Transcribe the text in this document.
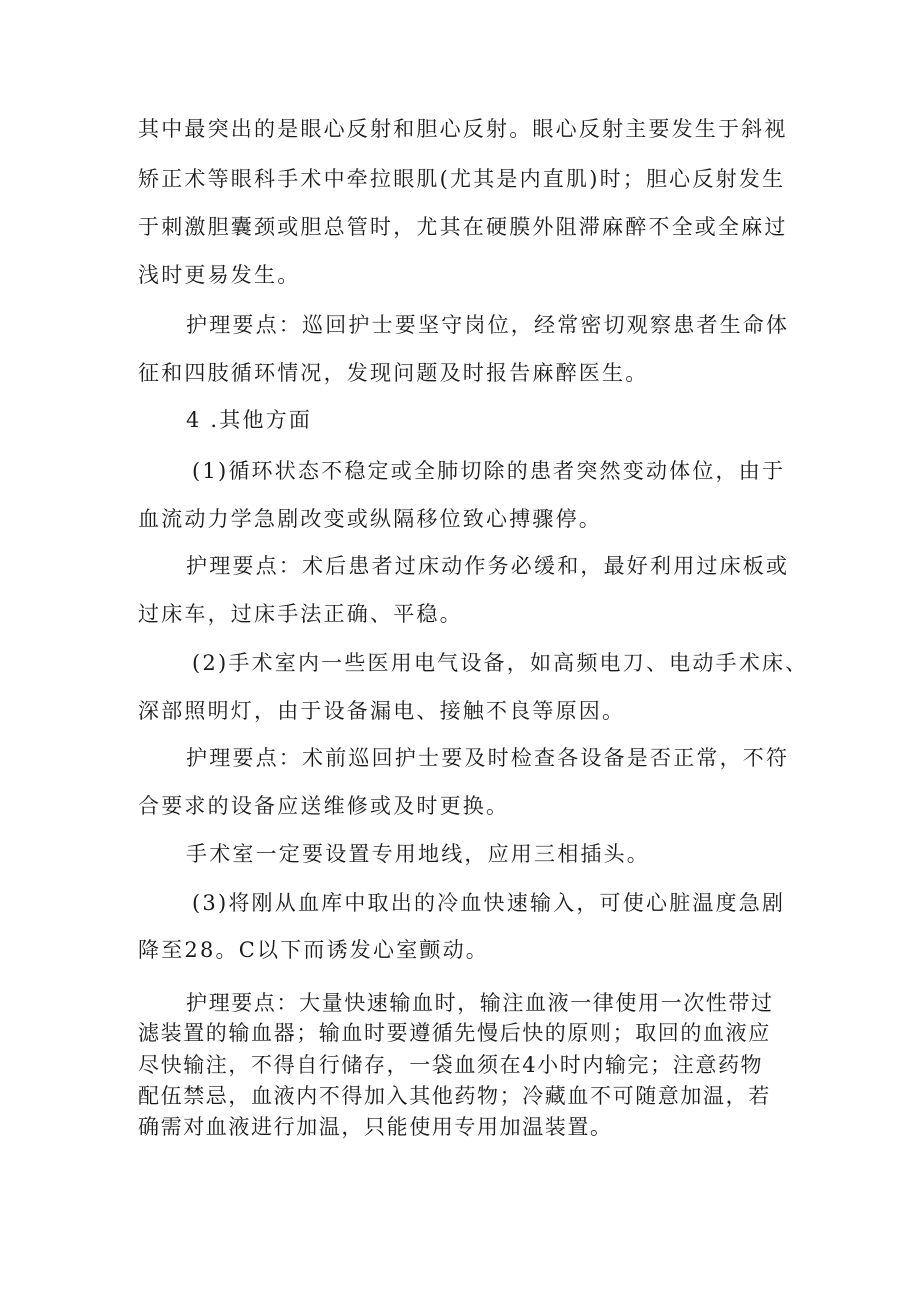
其中最突出的是眼心反射和胆心反射。眼心反射主要发生于斜视
矫正术等眼科手术中牵拉眼肌(尤其是内直肌)时；胆心反射发生
于刺激胆囊颈或胆总管时，尤其在硬膜外阻滞麻醉不全或全麻过
浅时更易发生。
护理要点：巡回护士要坚守岗位，经常密切观察患者生命体
征和四肢循环情况，发现问题及时报告麻醉医生。
4 .其他方面
(1)循环状态不稳定或全肺切除的患者突然变动体位，由于
血流动力学急剧改变或纵隔移位致心搏骤停。
护理要点：术后患者过床动作务必缓和，最好利用过床板或
过床车，过床手法正确、平稳。
(2)手术室内一些医用电气设备，如高频电刀、电动手术床、
深部照明灯，由于设备漏电、接触不良等原因。
护理要点：术前巡回护士要及时检查各设备是否正常，不符
合要求的设备应送维修或及时更换。
手术室一定要设置专用地线，应用三相插头。
(3)将刚从血库中取出的冷血快速输入，可使心脏温度急剧
降至28。C以下而诱发心室颤动。
护理要点：大量快速输血时，输注血液一律使用一次性带过
滤装置的输血器；输血时要遵循先慢后快的原则；取回的血液应
尽快输注，不得自行储存，一袋血须在4小时内输完；注意药物
配伍禁忌，血液内不得加入其他药物；冷藏血不可随意加温，若
确需对血液进行加温，只能使用专用加温装置。
